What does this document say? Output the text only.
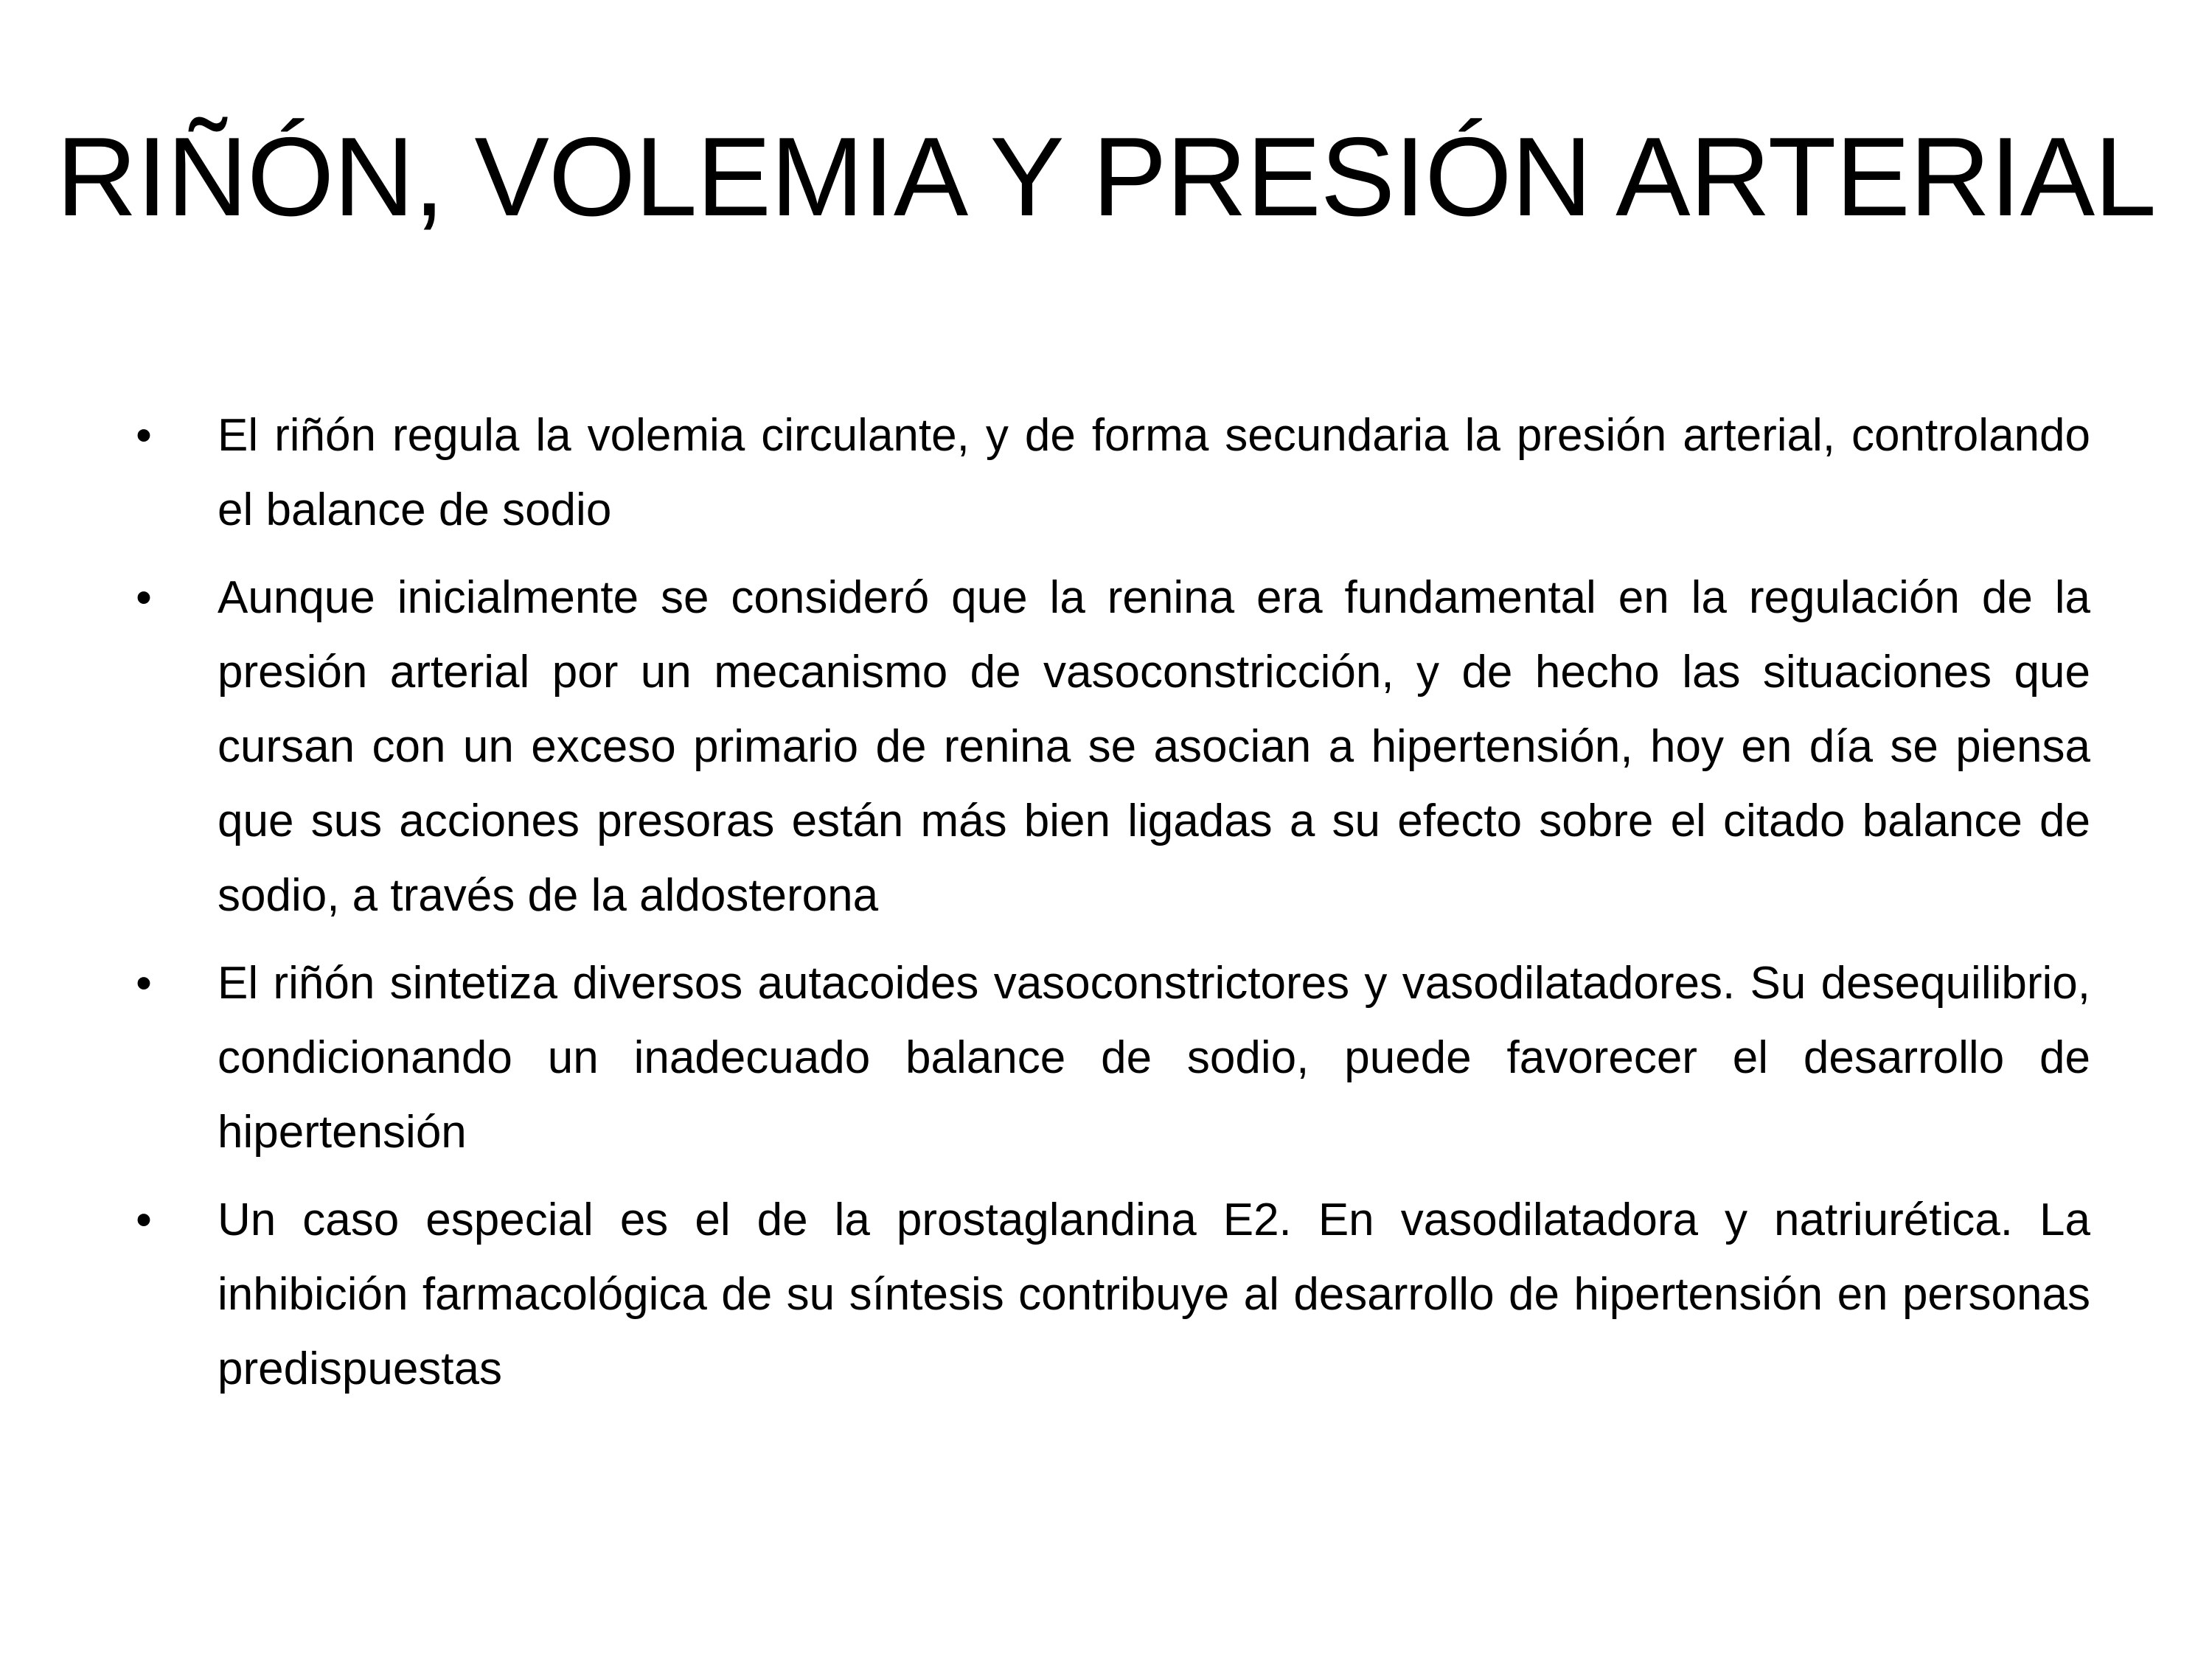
RIÑÓN, VOLEMIA Y PRESIÓN ARTERIAL
• El riñón regula la volemia circulante, y de forma secundaria la presión arterial, controlando el balance de sodio
• Aunque inicialmente se consideró que la renina era fundamental en la regulación de la presión arterial por un mecanismo de vasoconstricción, y de hecho las situaciones que cursan con un exceso primario de renina se asocian a hipertensión, hoy en día se piensa que sus acciones presoras están más bien ligadas a su efecto sobre el citado balance de sodio, a través de la aldosterona
• El riñón sintetiza diversos autacoides vasoconstrictores y vasodilatadores. Su desequilibrio, condicionando un inadecuado balance de sodio, puede favorecer el desarrollo de hipertensión
• Un caso especial es el de la prostaglandina E2. En vasodilatadora y natriurética. La inhibición farmacológica de su síntesis contribuye al desarrollo de hipertensión en personas predispuestas
